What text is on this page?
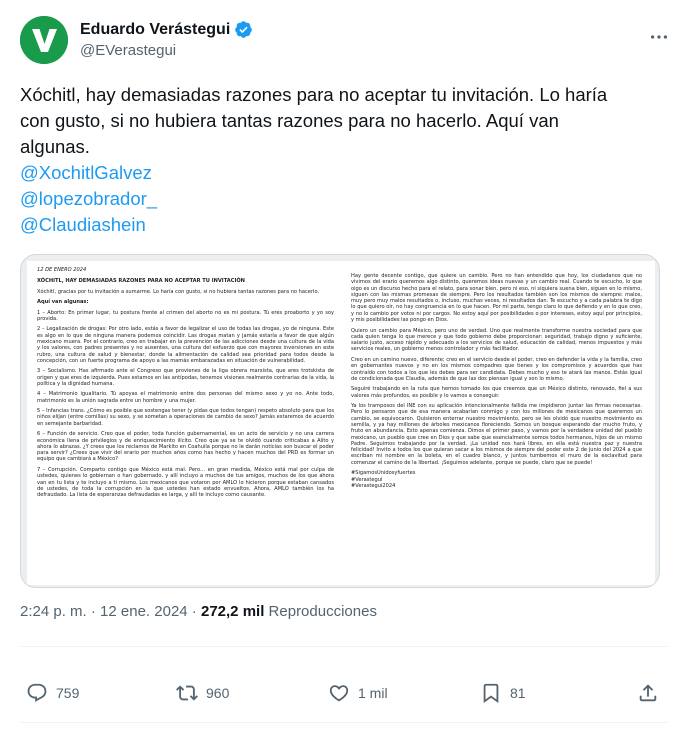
Eduardo Verástegui
@EVerastegui
Xóchitl, hay demasiadas razones para no aceptar tu invitación. Lo haría
con gusto, si no hubiera tantas razones para no hacerlo. Aquí van
algunas.
@XochitlGalvez
@lopezobrador_
@Claudiashein

12 DE ENERO 2024

XÓCHITL, HAY DEMASIADAS RAZONES PARA NO ACEPTAR TU INVITACIÓN

Xóchitl, gracias por tu invitación a sumarme. Lo haría con gusto, si no hubiera tantas razones para no hacerlo.

Aquí van algunas:

1 – Aborto: En primer lugar, tu postura frente al crimen del aborto no es mi postura. Tú eres proaborto y yo soy provida.

2 – Legalización de drogas: Por otro lado, estás a favor de legalizar el uso de todas las drogas, yo de ninguna. Este es algo en lo que de ninguna manera podemos coincidir. Las drogas matan y jamás estaría a favor de que algún mexicano muera. Por el contrario, creo en trabajar en la prevención de las adicciones desde una cultura de la vida y los valores, con padres presentes y no ausentes, una cultura del esfuerzo que con mayores inversiones en este rubro, una cultura de salud y bienestar, donde la alimentación de calidad sea prioridad para todos desde la concepción, con un fuerte programa de apoyo a las mamás embarazadas en situación de vulnerabilidad.

3 – Socialismo. Has afirmado ante el Congreso que provienes de la liga obrera marxista, que eres trotskista de origen y que eres de izquierda. Pues estamos en las antípodas, tenemos visiones realmente contrarias de la vida, la política y la dignidad humana.

4 – Matrimonio igualitario. Tú apoyas el matrimonio entre dos personas del mismo sexo y yo no. Ante todo, matrimonio es la unión sagrada entre un hombre y una mujer.

5 – Infancias trans. ¿Cómo es posible que sostengas tener (y pidas que todos tengan) respeto absoluto para que los niños elijan (entre comillas) su sexo, y se sometan a operaciones de cambio de sexo? Jamás estaremos de acuerdo en semejante barbaridad.

6 – Función de servicio. Creo que el poder, toda función gubernamental, es un acto de servicio y no una carrera económica llena de privilegios y de enriquecimiento ilícito. Creo que ya se te olvidó cuando criticabas a Alito y ahora lo abrazas. ¿Y crees que los reclamos de Markito en Coahuila porque no le darán noticias son buscar el poder para servir? ¿Crees que vivir del erario por muchos años como has hecho y hacen muchos del PRD es formar un equipo que cambiará a México?

7 – Corrupción. Comparto contigo que México está mal. Pero… en gran medida, México está mal por culpa de ustedes, quienes lo gobiernan o han gobernado, y allí incluyo a muchos de tus amigos, muchos de los que ahora van en tu lista y te incluyo a ti mismo. Los mexicanos que votaron por AMLO lo hicieron porque estaban cansados de ustedes, de toda la corrupción en la que ustedes han estado envueltos. Ahora, AMLO también los ha defraudado. La lista de esperanzas defraudadas es larga, y allí te incluyo como causante.

Hay gente decente contigo, que quiere un cambio. Pero no han entendido que hoy, los ciudadanos que no vivimos del erario queremos algo distinto, queremos ideas nuevas y un cambio real. Cuando te escucho, lo que oigo es un discurso hecho para el relato, para sonar bien, pero ni eso, ni siquiera suena bien, siguen en lo mismo, siguen con las mismas promesas de siempre. Pero los resultados también son los mismos de siempre: malos, muy pero muy malos resultados o, incluso, muchas veces, ni resultados dan. Te escucho y a cada palabra te digo lo que quiero oír, no hay congruencia en lo que hacen. Por mi parte, tengo claro lo que defiendo y en lo que creo, y no lo cambio por votos ni por cargos. No estoy aquí por posibilidades o por intereses, estoy aquí por principios, y mis posibilidades las pongo en Dios.

Quiero un cambio para México, pero uno de verdad. Uno que realmente transforme nuestra sociedad para que cada quien tenga lo que merece y que todo gobierno debe proporcionar: seguridad, trabajo digno y suficiente, salario justo, acceso rápido y adecuado a los servicios de salud, educación de calidad, menos impuestos y más servicios reales, un gobierno menos controlador y más facilitador.

Creo en un camino nuevo, diferente; creo en el servicio desde el poder, creo en defender la vida y la familia, creo en gobernantes nuevos y no en los mismos compadres que tienes y los compromisos y acuerdos que has contraído con todos a los que les debes para ser candidata. Debes mucho y eso te atará las manos. Estás igual de condicionada que Claudia, además de que las dos piensan igual y son lo mismo.

Seguiré trabajando en la ruta que hemos tomado los que creemos que un México distinto, renovado, fiel a sus valores más profundos, es posible y lo vamos a conseguir.

Ya los tramposos del INE con su aplicación intencionalmente fallida me impidieron juntar las firmas necesarias. Pero lo pensaron que de esa manera acabarían conmigo y con los millones de mexicanos que queremos un cambio, se equivocaron. Quisieron enterrar nuestro movimiento, pero se les olvidó que nuestro movimiento es semilla, y ya hay millones de árboles mexicanos floreciendo. Somos un bosque esperando dar mucho fruto, y fruto en abundancia. Esto apenas comienza. Dimos el primer paso, y vamos por la verdadera unidad del pueblo mexicano, un pueblo que cree en Dios y que sabe que esencialmente somos todos hermanos, hijos de un mismo Padre. Seguimos trabajando por la verdad. ¡La unidad nos hará libres, en ella está nuestra paz y nuestra felicidad! Invito a todos los que quieran sacar a los mismos de siempre del poder este 2 de junio del 2024 a que escriban mi nombre en la boleta, en el cuadro blanco, y juntos tumbemos el muro de la esclavitud para comenzar el camino de la libertad. ¡Seguimos adelante, porque se puede, claro que se puede!

#SigamosUnidosyfuertes

#Verastegui

#Verastegui2024

2:24 p. m. · 12 ene. 2024 · 272,2 mil Reproducciones
759	960	1 mil	81
